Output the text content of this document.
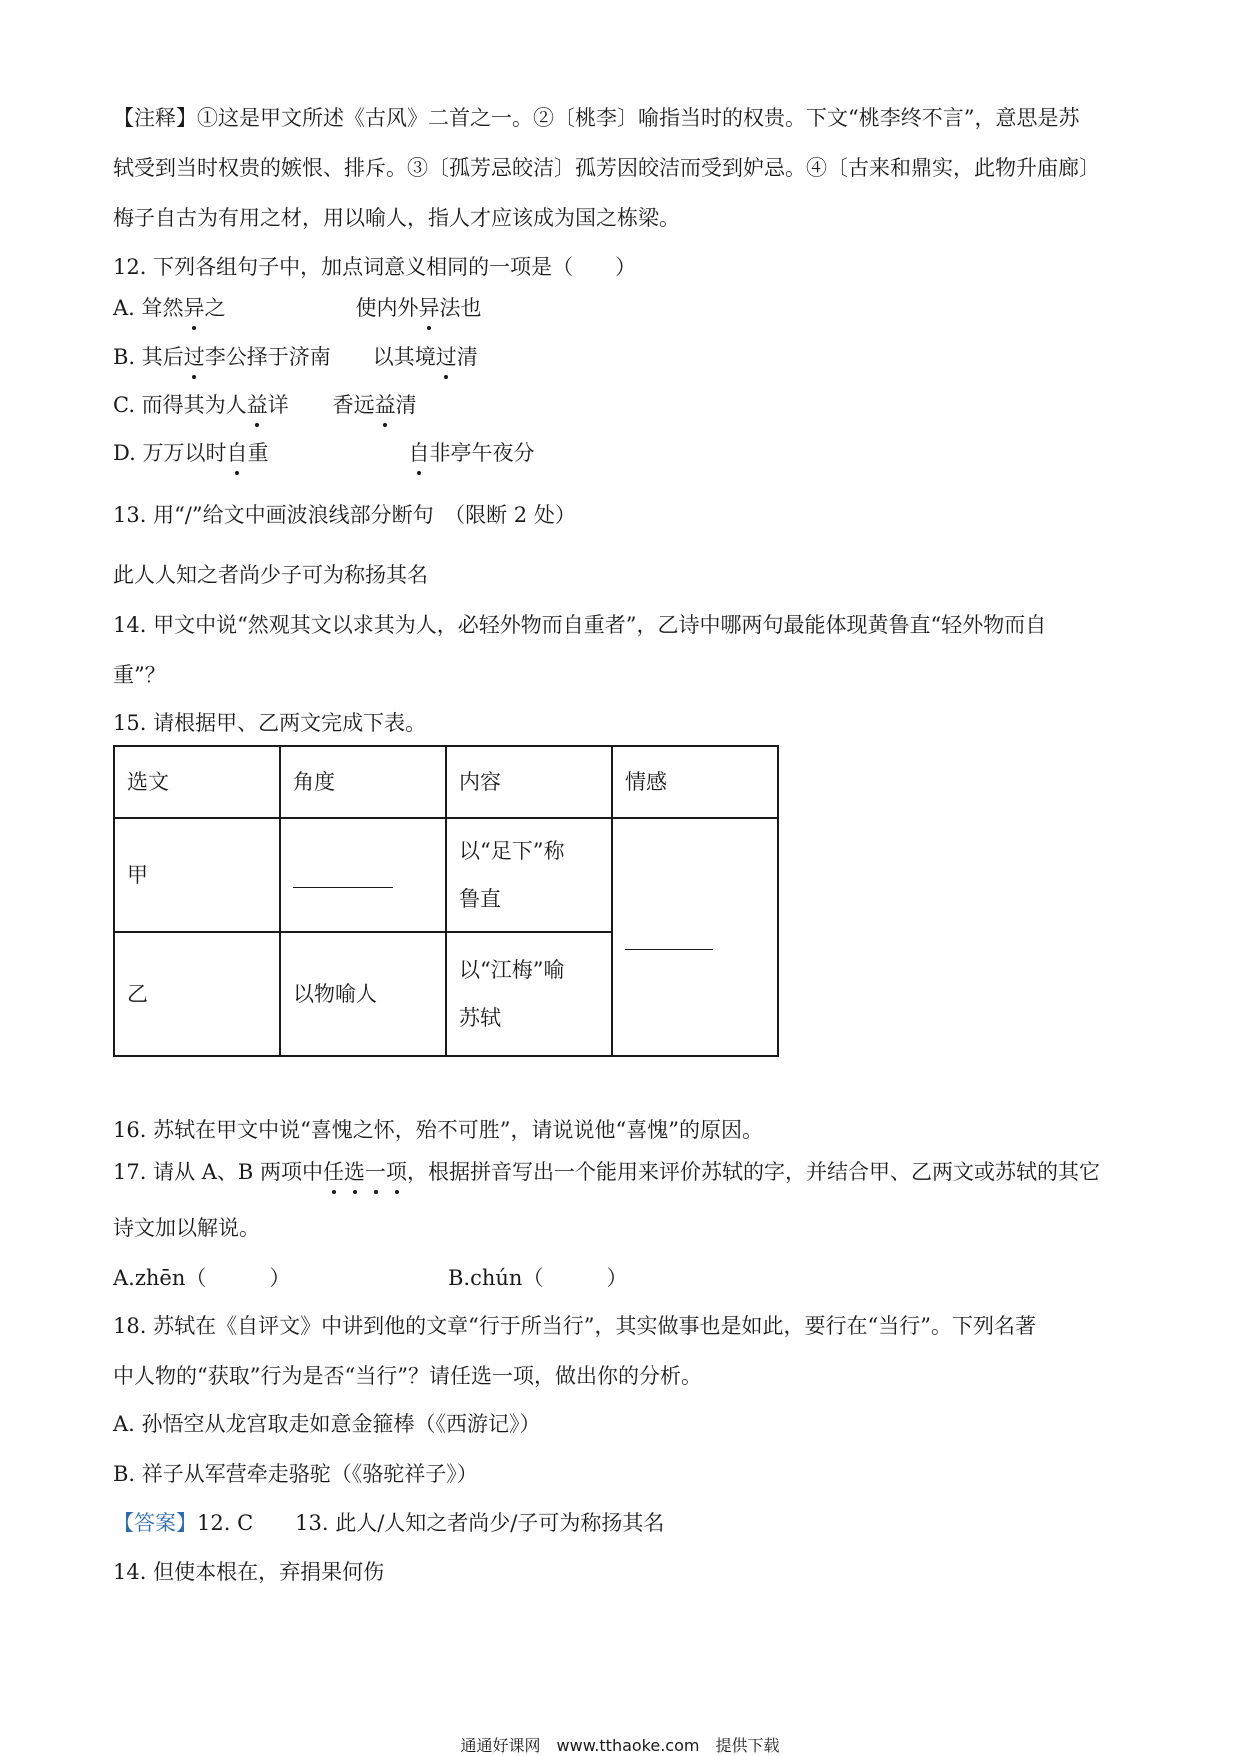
【注释】①这是甲文所述《古风》二首之一。②〔桃李〕喻指当时的权贵。下文“桃李终不言”，意思是苏
轼受到当时权贵的嫉恨、排斥。③〔孤芳忌皎洁〕孤芳因皎洁而受到妒忌。④〔古来和鼎实，此物升庙廊〕
梅子自古为有用之材，用以喻人，指人才应该成为国之栋梁。
12. 下列各组句子中，加点词意义相同的一项是（　　）
A. 耸然异之	使内外异法也
B. 其后过李公择于济南 以其境过清
C. 而得其为人益详 香远益清
D. 万万以时自重	自非亭午夜分
13. 用“/”给文中画波浪线部分断句　（限断 2 处）
此人人知之者尚少子可为称扬其名
14. 甲文中说“然观其文以求其为人，必轻外物而自重者”，乙诗中哪两句最能体现黄鲁直“轻外物而自
重”？
15. 请根据甲、乙两文完成下表。
选文	角度	内容	情感
甲		以“足下”称
鲁直	

乙	以物喻人	以“江梅”喻
苏轼	
16. 苏轼在甲文中说“喜愧之怀，殆不可胜”，请说说他“喜愧”的原因。
17. 请从 A、B 两项中任选一项，根据拼音写出一个能用来评价苏轼的字，并结合甲、乙两文或苏轼的其它
诗文加以解说。
A.zhēn（　　　）	B.chún（　　　）
18. 苏轼在《自评文》中讲到他的文章“行于所当行”，其实做事也是如此，要行在“当行”。下列名著
中人物的“获取”行为是否“当行”？请任选一项，做出你的分析。
A. 孙悟空从龙宫取走如意金箍棒（《西游记》）
B. 祥子从军营牵走骆驼（《骆驼祥子》）
【答案】12. C 13. 此人/人知之者尚少/子可为称扬其名
14. 但使本根在，弃捐果何伤
通通好课网　www.tthaoke.com　提供下载
